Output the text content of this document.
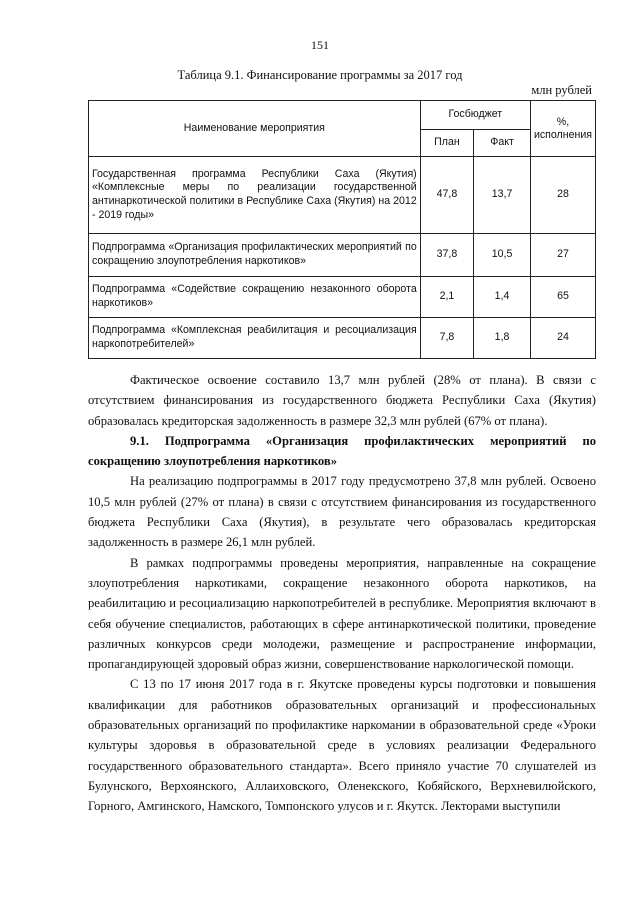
151
Таблица 9.1. Финансирование программы за 2017 год
млн рублей
Наименование мероприятия	Госбюджет		%, исполнения
	План	Факт	
Государственная программа Республики Саха (Якутия) «Комплексные меры по реализации государственной антинаркотической политики в Республике Саха (Якутия) на 2012 - 2019 годы»	47,8	13,7	28
Подпрограмма «Организация профилактических мероприятий по сокращению злоупотребления наркотиков»	37,8	10,5	27
Подпрограмма «Содействие сокращению незаконного оборота наркотиков»	2,1	1,4	65
Подпрограмма «Комплексная реабилитация и ресоциализация наркопотребителей»	7,8	1,8	24

Фактическое освоение составило 13,7 млн рублей (28% от плана). В связи с отсутствием финансирования из государственного бюджета Республики Саха (Якутия) образовалась кредиторская задолженность в размере 32,3 млн рублей (67% от плана).

9.1. Подпрограмма «Организация профилактических мероприятий по сокращению злоупотребления наркотиков»

На реализацию подпрограммы в 2017 году предусмотрено 37,8 млн рублей. Освоено 10,5 млн рублей (27% от плана) в связи с отсутствием финансирования из государственного бюджета Республики Саха (Якутия), в результате чего образовалась кредиторская задолженность в размере 26,1 млн рублей.

В рамках подпрограммы проведены мероприятия, направленные на сокращение злоупотребления наркотиками, сокращение незаконного оборота наркотиков, на реабилитацию и ресоциализацию наркопотребителей в республике. Мероприятия включают в себя обучение специалистов, работающих в сфере антинаркотической политики, проведение различных конкурсов среди молодежи, размещение и распространение информации, пропагандирующей здоровый образ жизни, совершенствование наркологической помощи.

С 13 по 17 июня 2017 года в г. Якутске проведены курсы подготовки и повышения квалификации для работников образовательных организаций и профессиональных образовательных организаций по профилактике наркомании в образовательной среде «Уроки культуры здоровья в образовательной среде в условиях реализации Федерального государственного образовательного стандарта». Всего приняло участие 70 слушателей из Булунского, Верхоянского, Аллаиховского, Оленекского, Кобяйского, Верхневилюйского, Горного, Амгинского, Намского, Томпонского улусов и г. Якутск. Лекторами выступили
